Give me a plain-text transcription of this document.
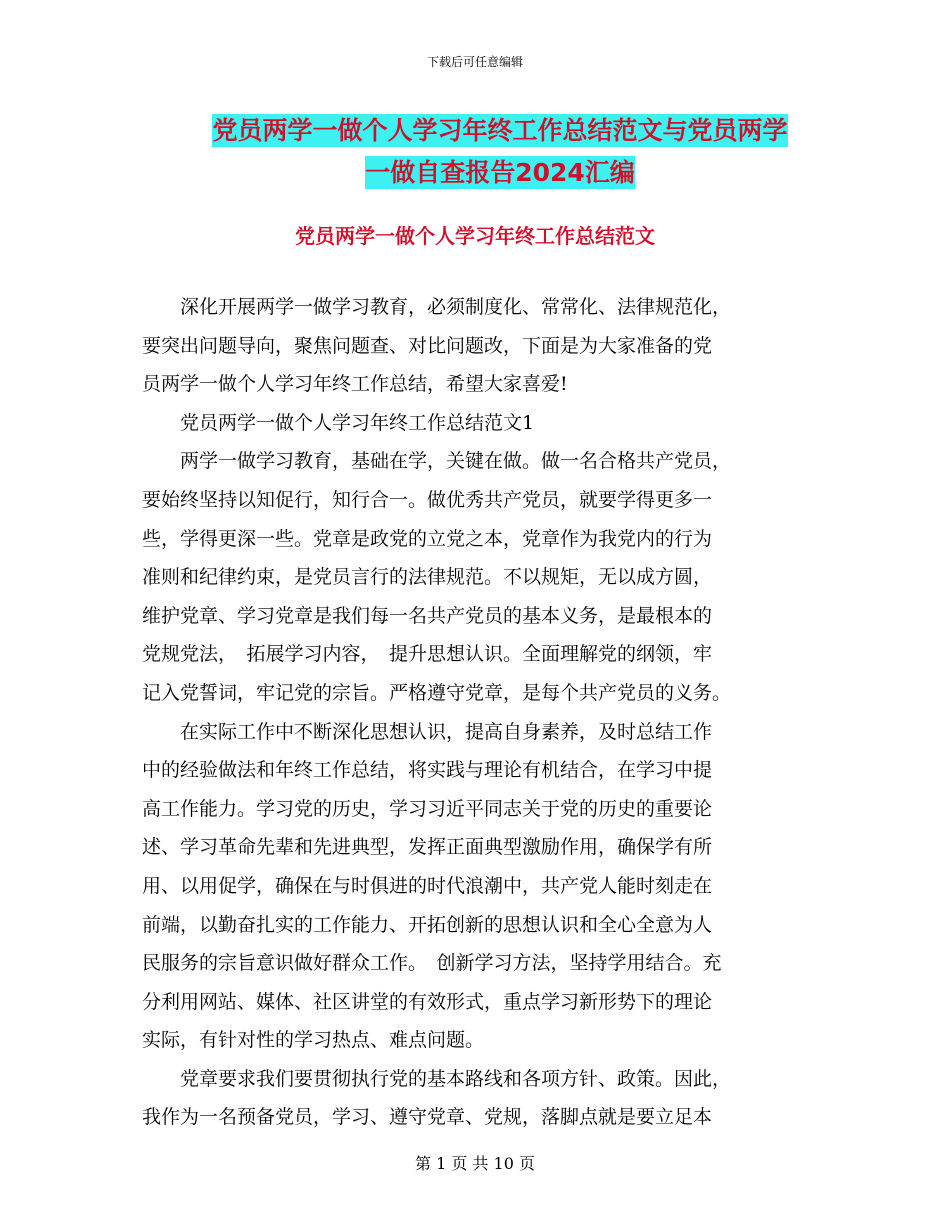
下载后可任意编辑
党员两学一做个人学习年终工作总结范文与党员两学
一做自查报告2024汇编
党员两学一做个人学习年终工作总结范文
　　深化开展两学一做学习教育，必须制度化、常常化、法律规范化，
要突出问题导向，聚焦问题查、对比问题改，下面是为大家准备的党
员两学一做个人学习年终工作总结，希望大家喜爱!
　　党员两学一做个人学习年终工作总结范文1
　　两学一做学习教育，基础在学，关键在做。做一名合格共产党员，
要始终坚持以知促行，知行合一。做优秀共产党员，就要学得更多一
些，学得更深一些。党章是政党的立党之本，党章作为我党内的行为
准则和纪律约束，是党员言行的法律规范。不以规矩，无以成方圆，
维护党章、学习党章是我们每一名共产党员的基本义务，是最根本的
党规党法，　拓展学习内容，　提升思想认识。全面理解党的纲领，牢
记入党誓词，牢记党的宗旨。严格遵守党章，是每个共产党员的义务。
　　在实际工作中不断深化思想认识，提高自身素养，及时总结工作
中的经验做法和年终工作总结，将实践与理论有机结合，在学习中提
高工作能力。学习党的历史，学习习近平同志关于党的历史的重要论
述、学习革命先辈和先进典型，发挥正面典型激励作用，确保学有所
用、以用促学，确保在与时俱进的时代浪潮中，共产党人能时刻走在
前端，以勤奋扎实的工作能力、开拓创新的思想认识和全心全意为人
民服务的宗旨意识做好群众工作。　创新学习方法，坚持学用结合。充
分利用网站、媒体、社区讲堂的有效形式，重点学习新形势下的理论
实际，有针对性的学习热点、难点问题。
　　党章要求我们要贯彻执行党的基本路线和各项方针、政策。因此，
我作为一名预备党员，学习、遵守党章、党规，落脚点就是要立足本
第 1 页 共 10 页
